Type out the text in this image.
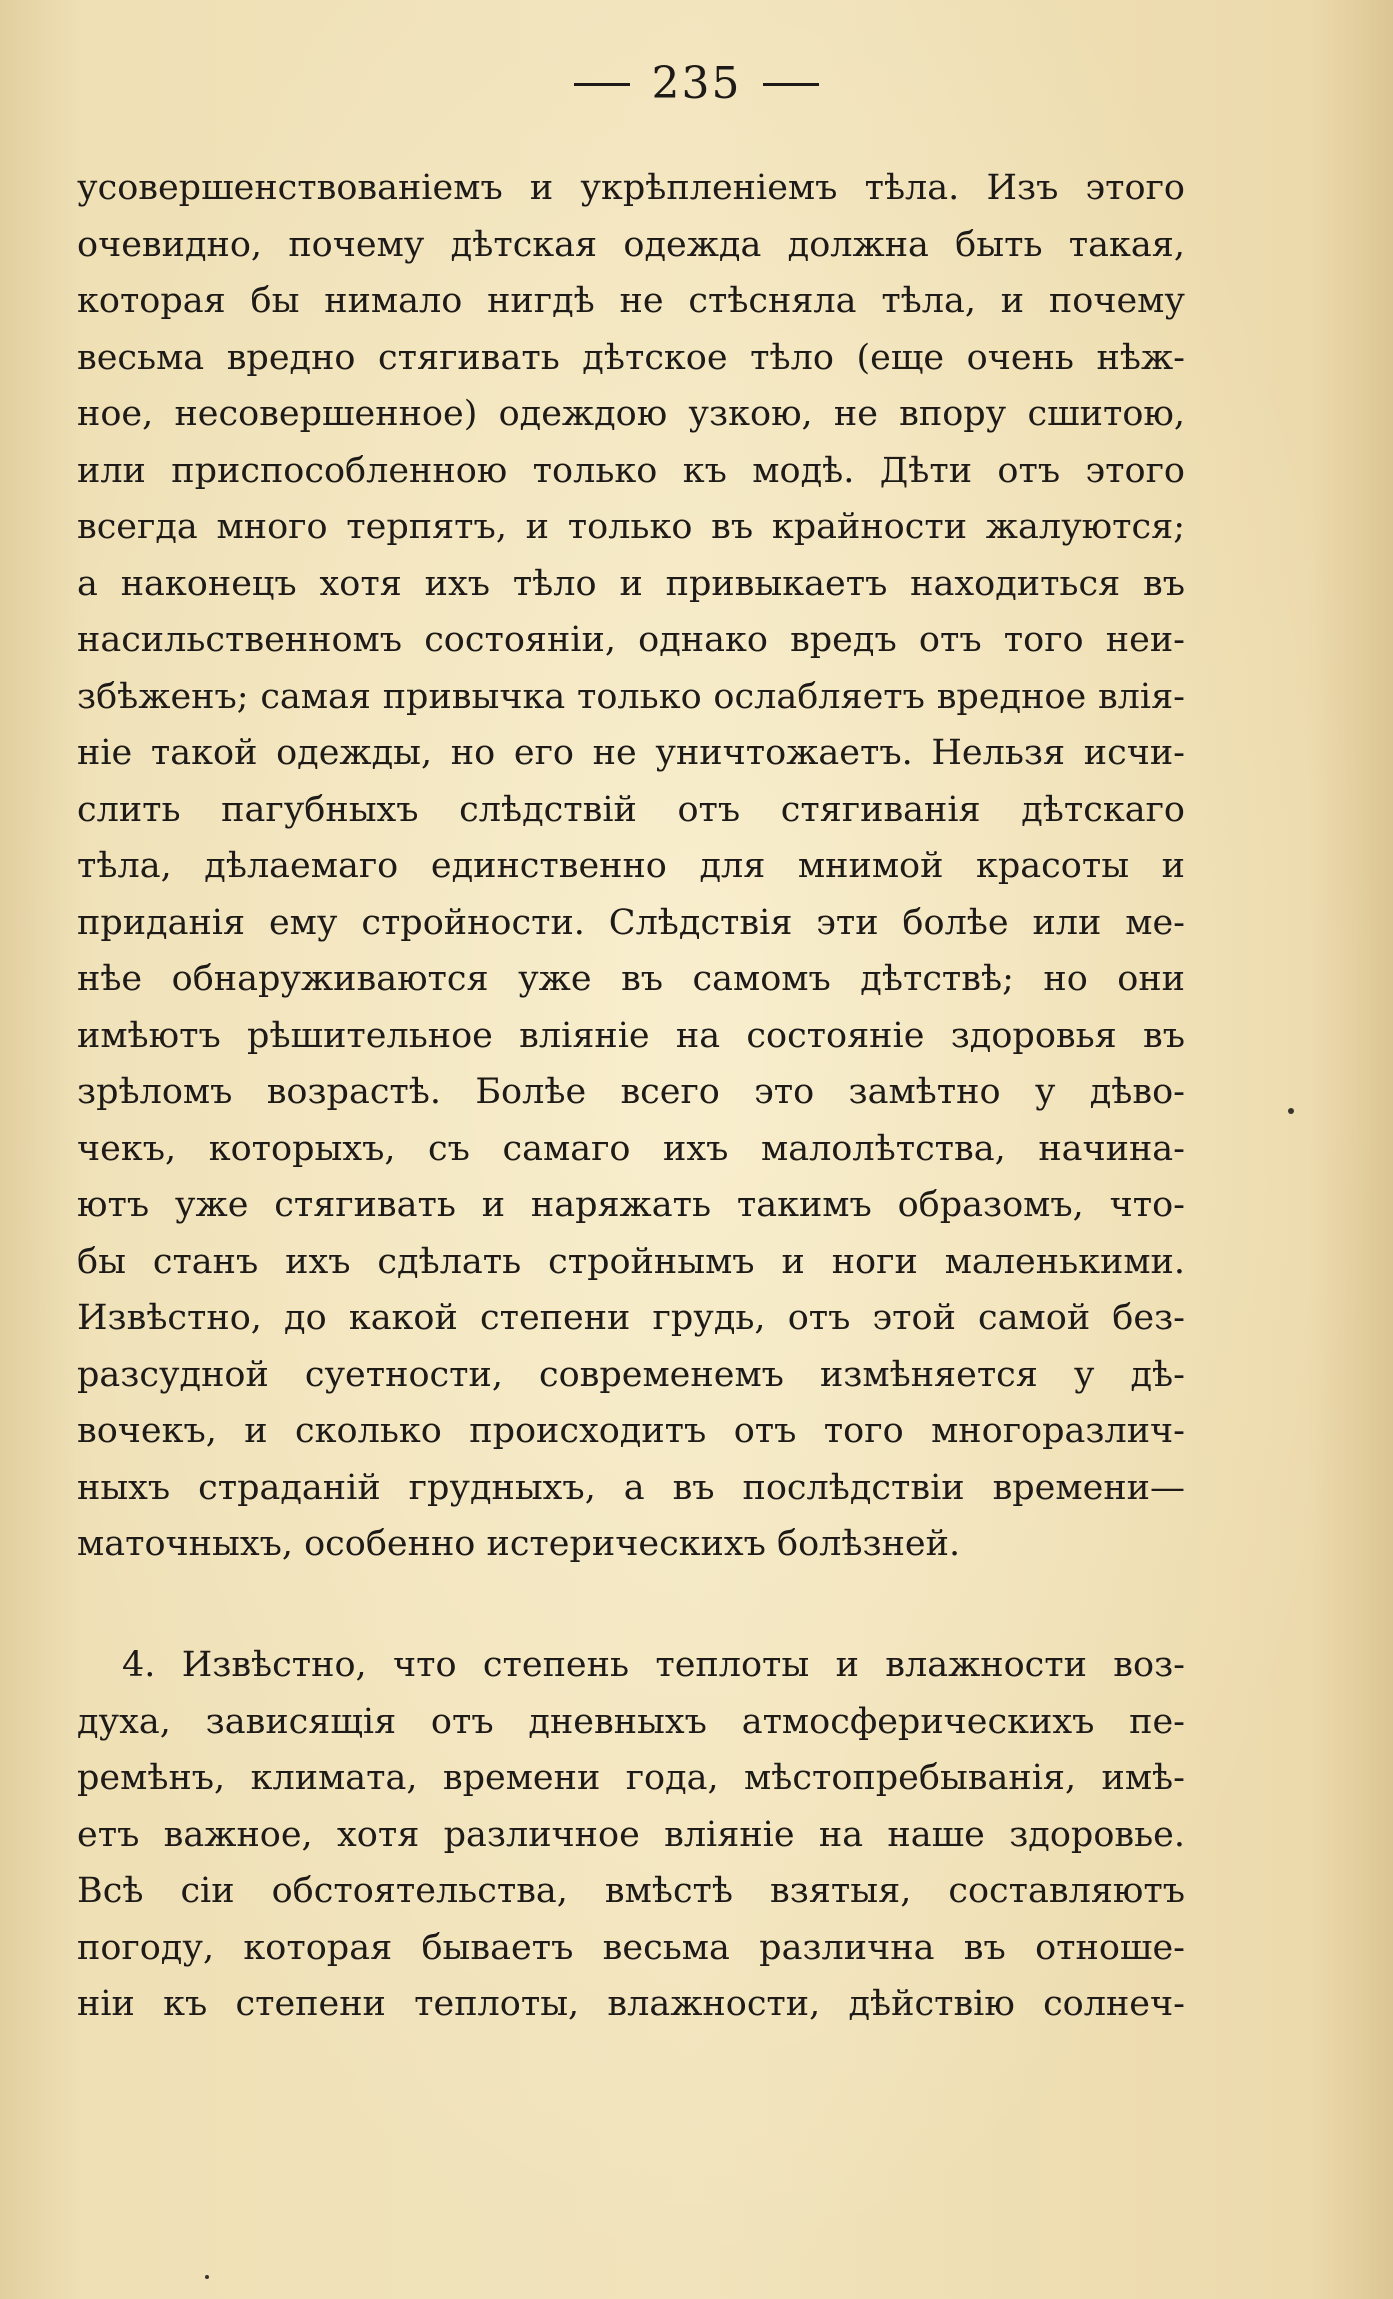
235
усовершенствованіемъ и укрѣпленіемъ тѣла. Изъ этого
очевидно, почему дѣтская одежда должна быть такая,
которая бы нимало нигдѣ не стѣсняла тѣла, и почему
весьма вредно стягивать дѣтское тѣло (еще очень нѣж-
ное, несовершенное) одеждою узкою, не впору сшитою,
или приспособленною только къ модѣ. Дѣти отъ этого
всегда много терпятъ, и только въ крайности жалуются;
а наконецъ хотя ихъ тѣло и привыкаетъ находиться въ
насильственномъ состояніи, однако вредъ отъ того неи-
збѣженъ; самая привычка только ослабляетъ вредное влія-
ніе такой одежды, но его не уничтожаетъ. Нельзя исчи-
слить пагубныхъ слѣдствій отъ стягиванія дѣтскаго
тѣла, дѣлаемаго единственно для мнимой красоты и
приданія ему стройности. Слѣдствія эти болѣе или ме-
нѣе обнаруживаются уже въ самомъ дѣтствѣ; но они
имѣютъ рѣшительное вліяніе на состояніе здоровья въ
зрѣломъ возрастѣ. Болѣе всего это замѣтно у дѣво-
чекъ, которыхъ, съ самаго ихъ малолѣтства, начина-
ютъ уже стягивать и наряжать такимъ образомъ, что-
бы станъ ихъ сдѣлать стройнымъ и ноги маленькими.
Извѣстно, до какой степени грудь, отъ этой самой без-
разсудной суетности, современемъ измѣняется у дѣ-
вочекъ, и сколько происходитъ отъ того многоразлич-
ныхъ страданій грудныхъ, а въ послѣдствіи времени—
маточныхъ, особенно истерическихъ болѣзней.
4. Извѣстно, что степень теплоты и влажности воз-
духа, зависящія отъ дневныхъ атмосферическихъ пе-
ремѣнъ, климата, времени года, мѣстопребыванія, имѣ-
етъ важное, хотя различное вліяніе на наше здоровье.
Всѣ сіи обстоятельства, вмѣстѣ взятыя, составляютъ
погоду, которая бываетъ весьма различна въ отноше-
ніи къ степени теплоты, влажности, дѣйствію солнеч-
